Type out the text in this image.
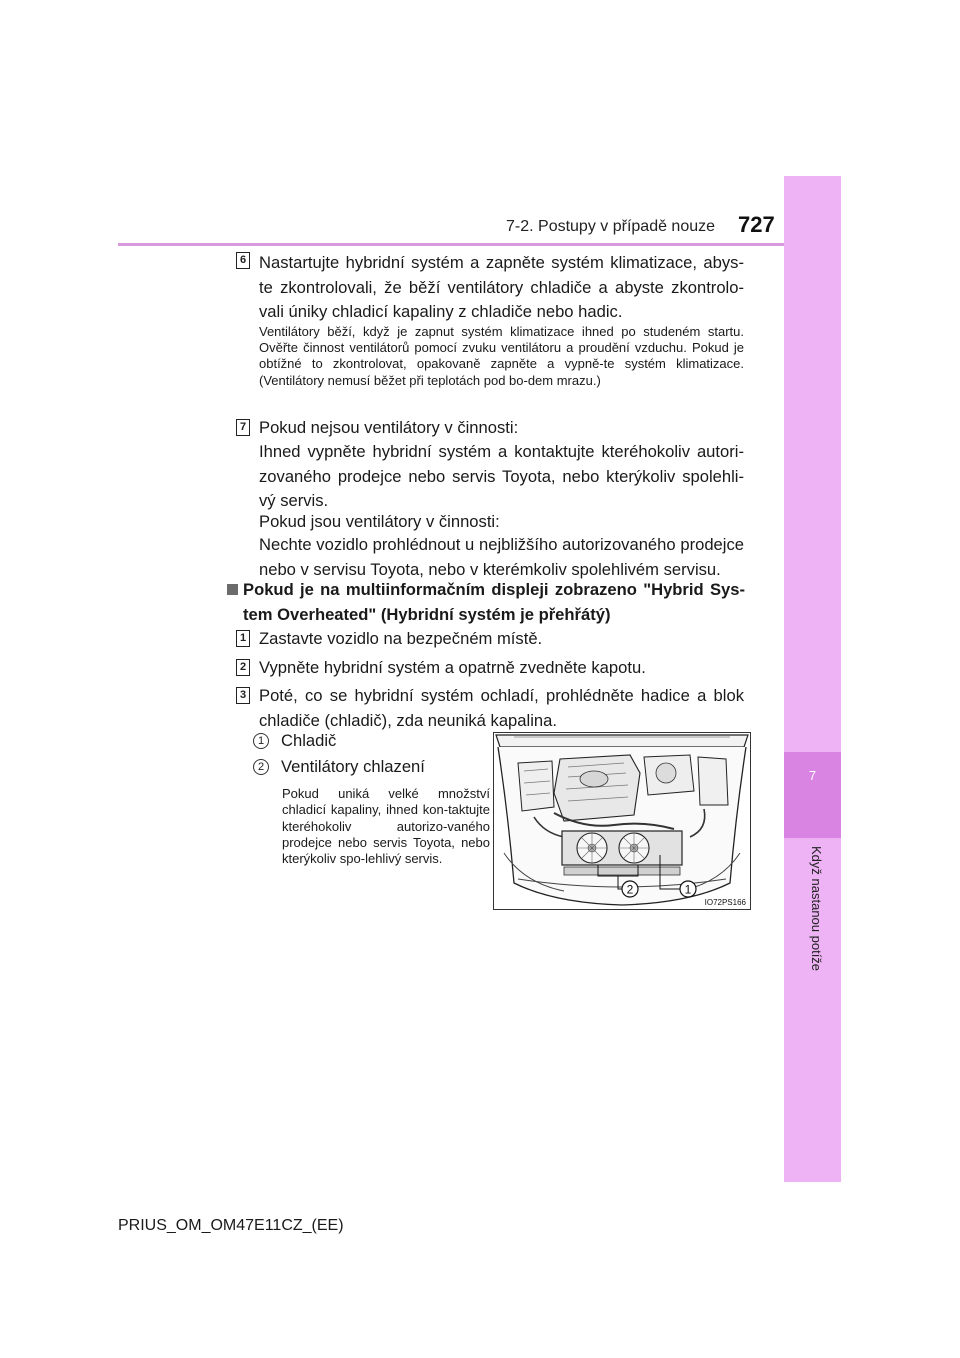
7-2. Postupy v případě nouze 727
7
Když nastanou potíže
6 Nastartujte hybridní systém a zapněte systém klimatizace, abys-te zkontrolovali, že běží ventilátory chladiče a abyste zkontrolo-vali úniky chladicí kapaliny z chladiče nebo hadic.
Ventilátory běží, když je zapnut systém klimatizace ihned po studeném startu. Ověřte činnost ventilátorů pomocí zvuku ventilátoru a proudění vzduchu. Pokud je obtížné to zkontrolovat, opakovaně zapněte a vypně-te systém klimatizace. (Ventilátory nemusí běžet při teplotách pod bo-dem mrazu.)
7 Pokud nejsou ventilátory v činnosti:
Ihned vypněte hybridní systém a kontaktujte kteréhokoliv autori-zovaného prodejce nebo servis Toyota, nebo kterýkoliv spolehli-vý servis.
Pokud jsou ventilátory v činnosti:
Nechte vozidlo prohlédnout u nejbližšího autorizovaného prodejce nebo v servisu Toyota, nebo v kterémkoliv spolehlivém servisu.
Pokud je na multiinformačním displeji zobrazeno "Hybrid Sys-tem Overheated" (Hybridní systém je přehřátý)
1 Zastavte vozidlo na bezpečném místě.
2 Vypněte hybridní systém a opatrně zvedněte kapotu.
3 Poté, co se hybridní systém ochladí, prohlédněte hadice a blok chladiče (chladič), zda neuniká kapalina.
1 Chladič
2 Ventilátory chlazení
Pokud uniká velké množství chladicí kapaliny, ihned kon-taktujte kteréhokoliv autorizo-vaného prodejce nebo servis Toyota, nebo kterýkoliv spo-lehlivý servis.
2	1
IO72PS166
PRIUS_OM_OM47E11CZ_(EE)
